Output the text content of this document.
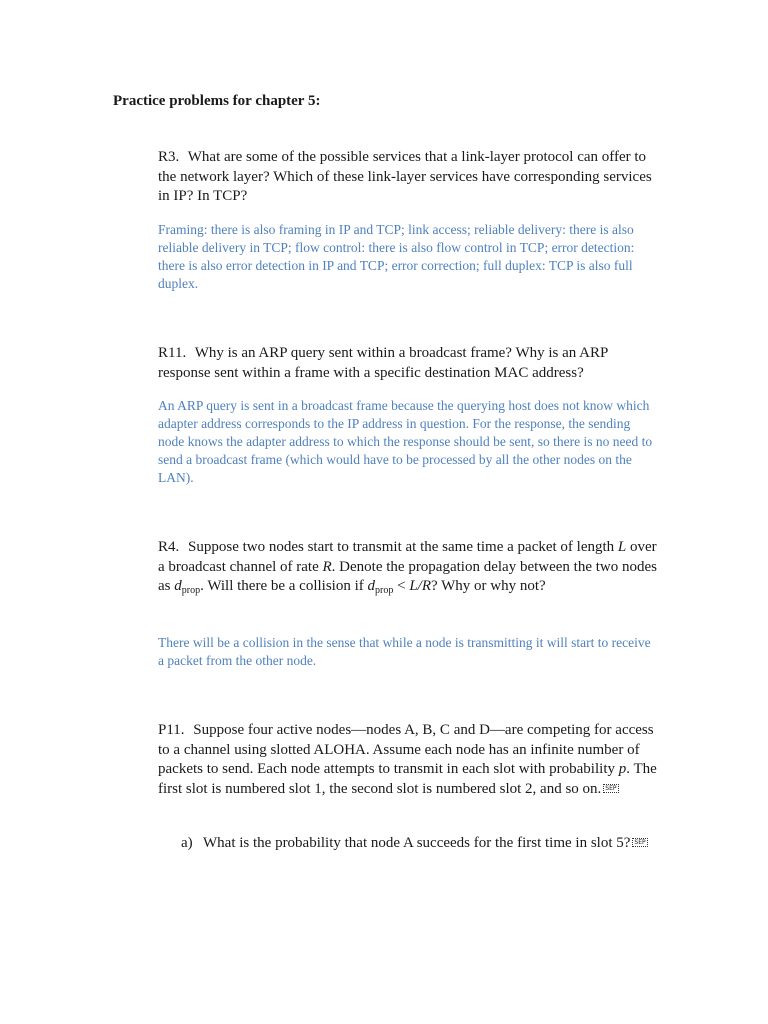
Practice problems for chapter 5:

R3. What are some of the possible services that a link-layer protocol can offer to the network layer? Which of these link-layer services have corresponding services in IP? In TCP?

Framing: there is also framing in IP and TCP; link access; reliable delivery: there is also reliable delivery in TCP; flow control: there is also flow control in TCP; error detection: there is also error detection in IP and TCP; error correction; full duplex: TCP is also full duplex.

R11. Why is an ARP query sent within a broadcast frame? Why is an ARP response sent within a frame with a specific destination MAC address?

An ARP query is sent in a broadcast frame because the querying host does not know which adapter address corresponds to the IP address in question. For the response, the sending node knows the adapter address to which the response should be sent, so there is no need to send a broadcast frame (which would have to be processed by all the other nodes on the LAN).

R4. Suppose two nodes start to transmit at the same time a packet of length L over a broadcast channel of rate R. Denote the propagation delay between the two nodes as $d_{prop}$. Will there be a collision if $d_{prop} < L/R$? Why or why not?

There will be a collision in the sense that while a node is transmitting it will start to receive a packet from the other node.

P11. Suppose four active nodes—nodes A, B, C and D—are competing for access to a channel using slotted ALOHA. Assume each node has an infinite number of packets to send. Each node attempts to transmit in each slot with probability p. The first slot is numbered slot 1, the second slot is numbered slot 2, and so on. SEP

a) What is the probability that node A succeeds for the first time in slot 5? SEP
